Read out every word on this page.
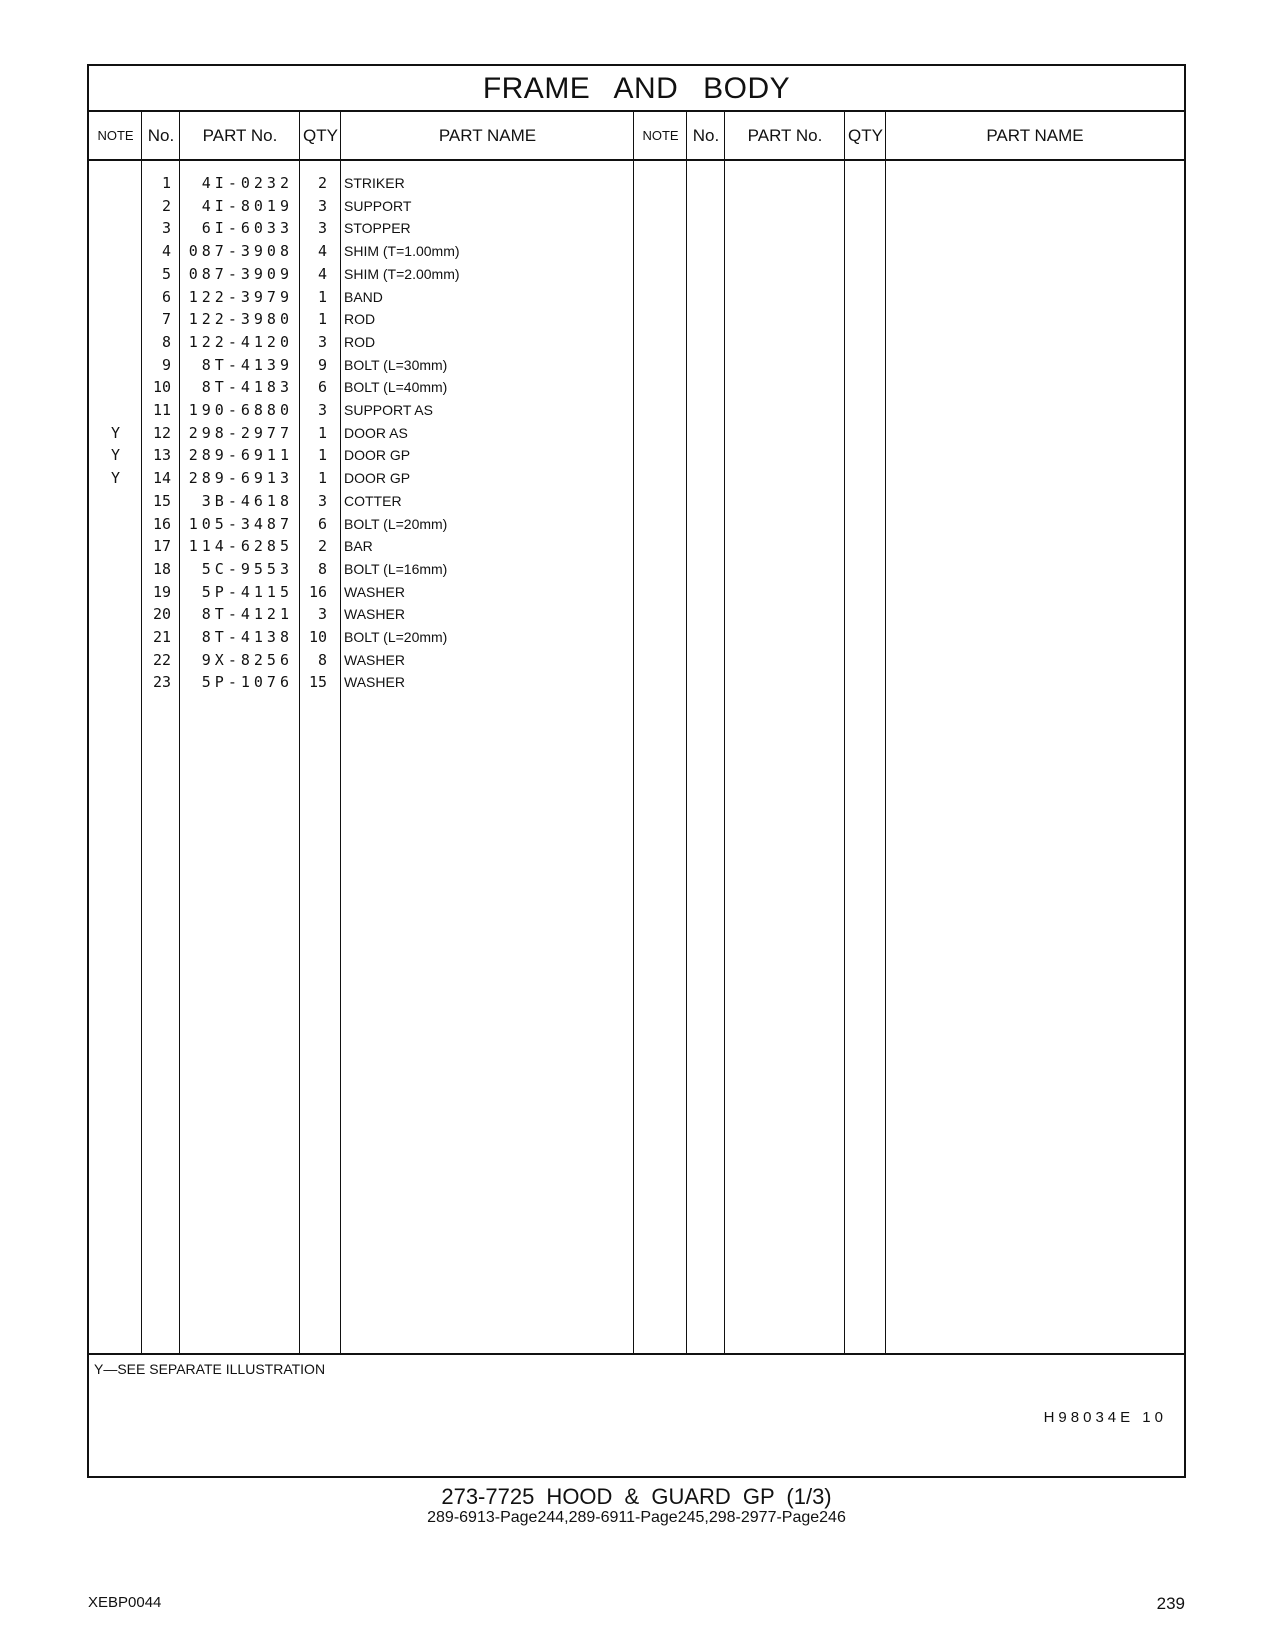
FRAME AND BODY
NOTE No.	PART No.	QTY	PART NAME	NOTE No.	PART No.	QTY	PART NAME
1	4I-0232	2 STRIKER
2	4I-8019	3 SUPPORT
3	6I-6033	3 STOPPER
4	087-3908	4 SHIM (T=1.00mm)
5	087-3909	4 SHIM (T=2.00mm)
6	122-3979	1 BAND
7	122-3980	1 ROD
8	122-4120	3 ROD
9	8T-4139	9 BOLT (L=30mm)
10	8T-4183	6 BOLT (L=40mm)
11	190-6880	3 SUPPORT AS
Y	12	298-2977	1 DOOR AS
Y	13	289-6911	1 DOOR GP
Y	14	289-6913	1 DOOR GP
15	3B-4618	3 COTTER
16	105-3487	6 BOLT (L=20mm)
17	114-6285	2 BAR
18	5C-9553	8 BOLT (L=16mm)
19	5P-4115	16 WASHER
20	8T-4121	3 WASHER
21	8T-4138	10 BOLT (L=20mm)
22	9X-8256	8 WASHER
23	5P-1076	15 WASHER
Y—SEE SEPARATE ILLUSTRATION
H98034E 10
273-7725 HOOD & GUARD GP (1/3)
289-6913-Page244,289-6911-Page245,298-2977-Page246
XEBP0044	239
